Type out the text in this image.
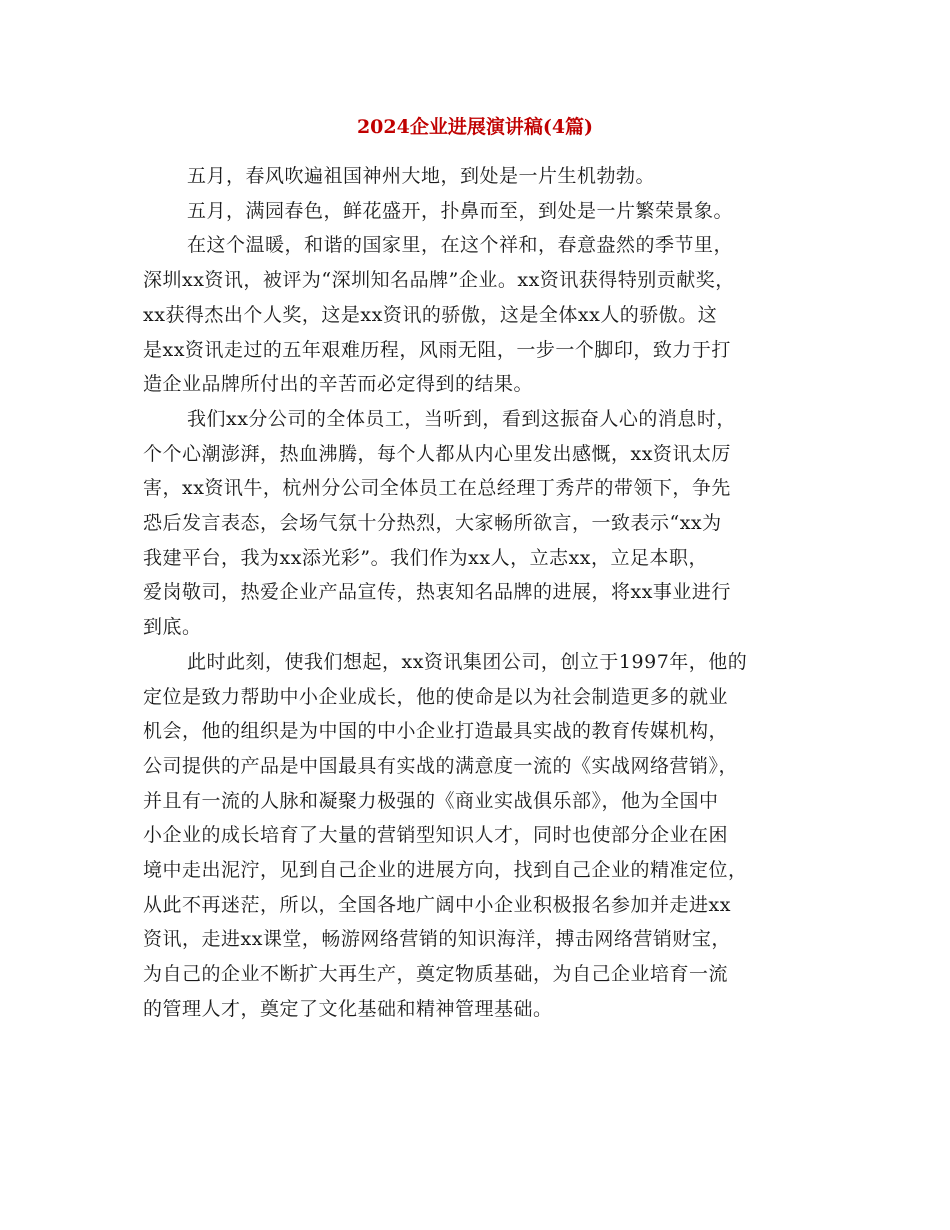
2024企业进展演讲稿(4篇)

五月，春风吹遍祖国神州大地，到处是一片生机勃勃。

五月，满园春色，鲜花盛开，扑鼻而至，到处是一片繁荣景象。

在这个温暖，和谐的国家里，在这个祥和，春意盎然的季节里，
深圳xx资讯，被评为“深圳知名品牌”企业。xx资讯获得特别贡献奖，
xx获得杰出个人奖，这是xx资讯的骄傲，这是全体xx人的骄傲。这
是xx资讯走过的五年艰难历程，风雨无阻，一步一个脚印，致力于打
造企业品牌所付出的辛苦而必定得到的结果。

我们xx分公司的全体员工，当听到，看到这振奋人心的消息时，
个个心潮澎湃，热血沸腾，每个人都从内心里发出感慨，xx资讯太厉
害，xx资讯牛，杭州分公司全体员工在总经理丁秀芹的带领下，争先
恐后发言表态，会场气氛十分热烈，大家畅所欲言，一致表示“xx为
我建平台，我为xx添光彩”。我们作为xx人，立志xx，立足本职，
爱岗敬司，热爱企业产品宣传，热衷知名品牌的进展，将xx事业进行
到底。

此时此刻，使我们想起，xx资讯集团公司，创立于1997年，他的
定位是致力帮助中小企业成长，他的使命是以为社会制造更多的就业
机会，他的组织是为中国的中小企业打造最具实战的教育传媒机构，
公司提供的产品是中国最具有实战的满意度一流的《实战网络营销》，
并且有一流的人脉和凝聚力极强的《商业实战俱乐部》，他为全国中
小企业的成长培育了大量的营销型知识人才，同时也使部分企业在困
境中走出泥泞，见到自己企业的进展方向，找到自己企业的精准定位，
从此不再迷茫，所以，全国各地广阔中小企业积极报名参加并走进xx
资讯，走进xx课堂，畅游网络营销的知识海洋，搏击网络营销财宝，
为自己的企业不断扩大再生产，奠定物质基础，为自己企业培育一流
的管理人才，奠定了文化基础和精神管理基础。
